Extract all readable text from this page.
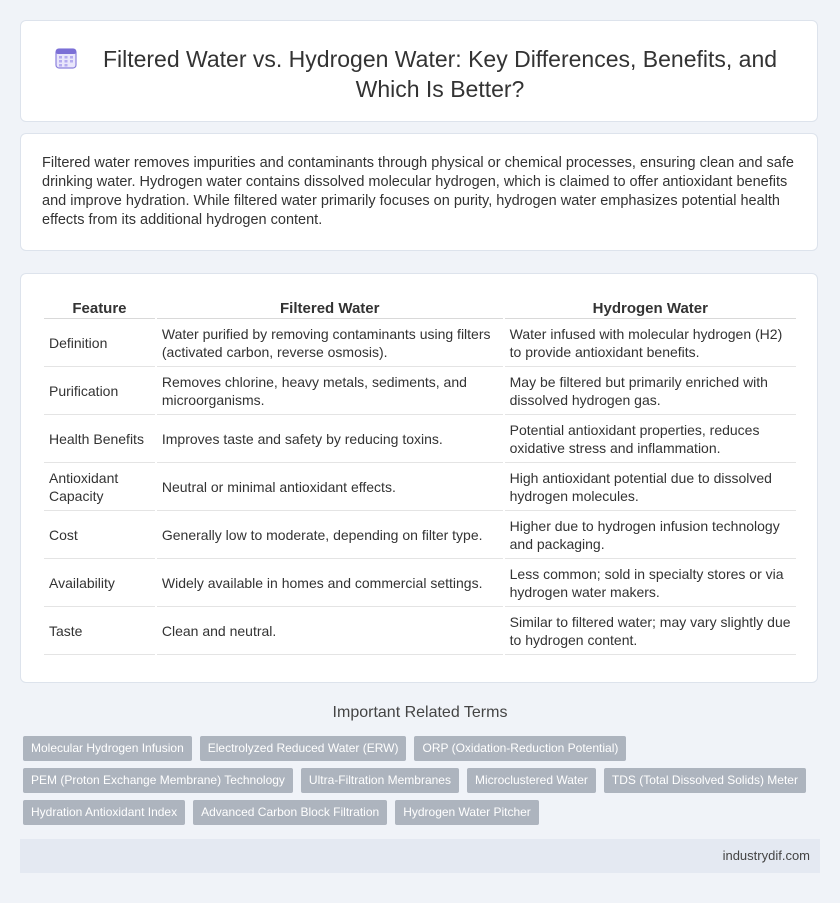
Filtered Water vs. Hydrogen Water: Key Differences, Benefits, and Which Is Better?

Filtered water removes impurities and contaminants through physical or chemical processes, ensuring clean and safe drinking water. Hydrogen water contains dissolved molecular hydrogen, which is claimed to offer antioxidant benefits and improve hydration. While filtered water primarily focuses on purity, hydrogen water emphasizes potential health effects from its additional hydrogen content.

Feature	Filtered Water	Hydrogen Water
Definition	Water purified by removing contaminants using filters (activated carbon, reverse osmosis).	Water infused with molecular hydrogen (H2) to provide antioxidant benefits.
Purification	Removes chlorine, heavy metals, sediments, and microorganisms.	May be filtered but primarily enriched with dissolved hydrogen gas.
Health Benefits	Improves taste and safety by reducing toxins.	Potential antioxidant properties, reduces oxidative stress and inflammation.
Antioxidant Capacity	Neutral or minimal antioxidant effects.	High antioxidant potential due to dissolved hydrogen molecules.
Cost	Generally low to moderate, depending on filter type.	Higher due to hydrogen infusion technology and packaging.
Availability	Widely available in homes and commercial settings.	Less common; sold in specialty stores or via hydrogen water makers.
Taste	Clean and neutral.	Similar to filtered water; may vary slightly due to hydrogen content.
Important Related Terms
Molecular Hydrogen Infusion	Electrolyzed Reduced Water (ERW)	ORP (Oxidation-Reduction Potential)
PEM (Proton Exchange Membrane) Technology	Ultra-Filtration Membranes	Microclustered Water	TDS (Total Dissolved Solids) Meter
Hydration Antioxidant Index	Advanced Carbon Block Filtration	Hydrogen Water Pitcher
industrydif.com
